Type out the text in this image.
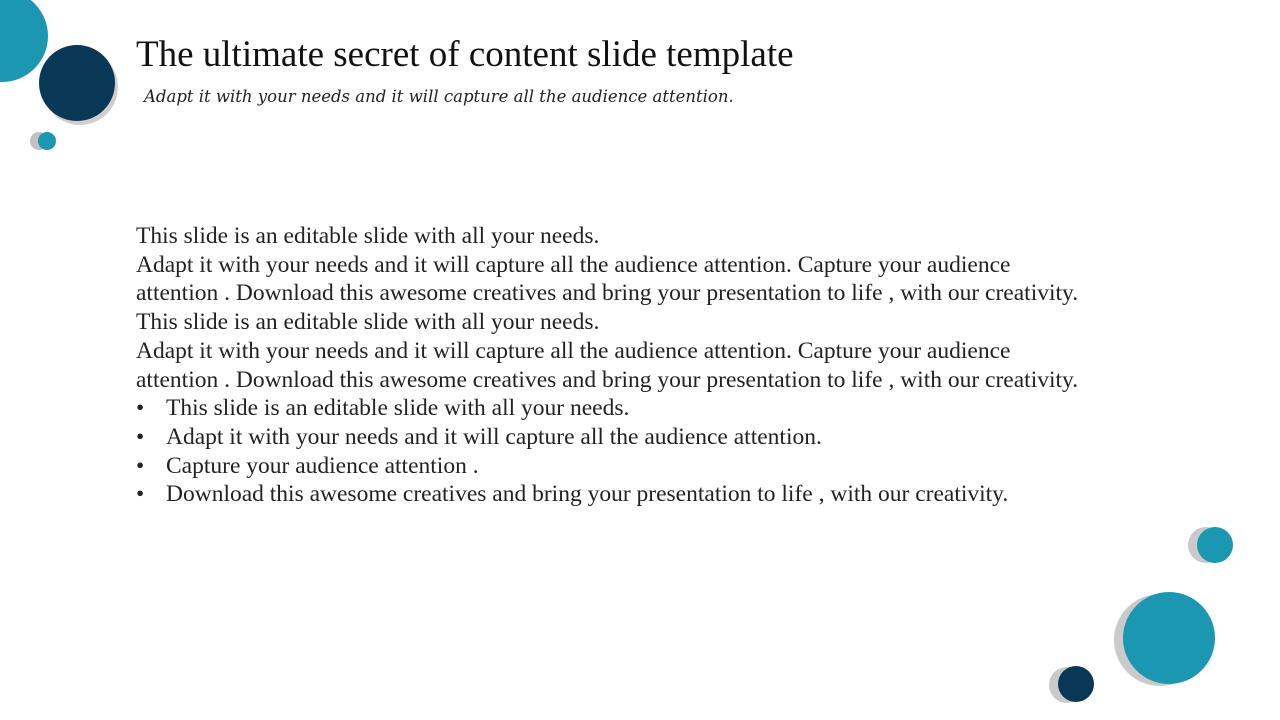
The ultimate secret of content slide template

Adapt it with your needs and it will capture all the audience attention.

This slide is an editable slide with all your needs.

Adapt it with your needs and it will capture all the audience attention. Capture your audience attention . Download this awesome creatives and bring your presentation to life , with our creativity. This slide is an editable slide with all your needs.

Adapt it with your needs and it will capture all the audience attention. Capture your audience attention . Download this awesome creatives and bring your presentation to life , with our creativity.

• This slide is an editable slide with all your needs.
• Adapt it with your needs and it will capture all the audience attention.
• Capture your audience attention .
• Download this awesome creatives and bring your presentation to life , with our creativity.
